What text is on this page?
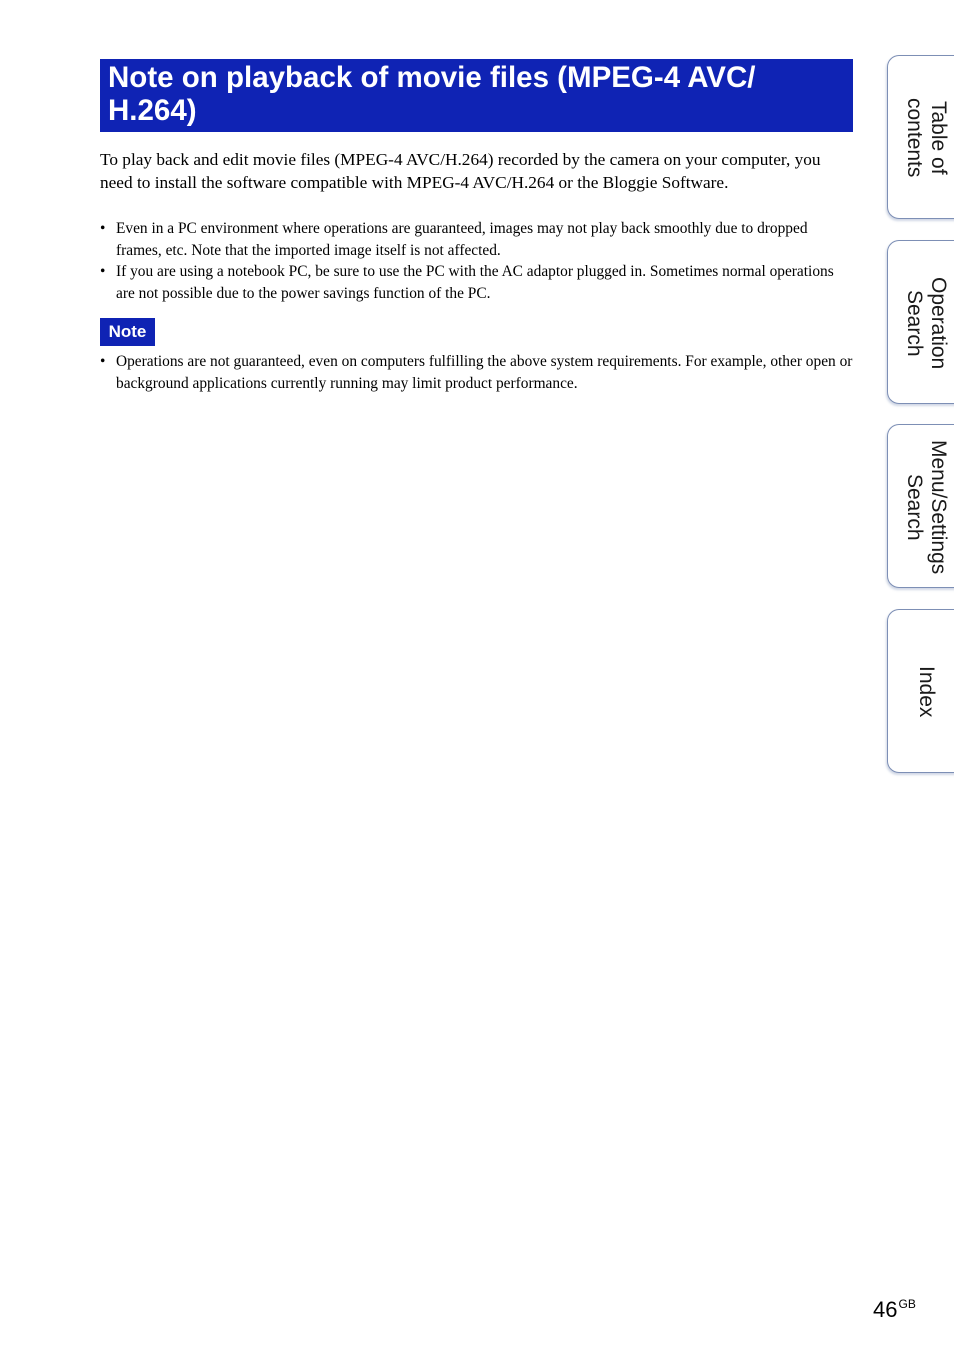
Note on playback of movie files (MPEG-4 AVC/
H.264)

To play back and edit movie files (MPEG-4 AVC/H.264) recorded by the camera on your computer, you need to install the software compatible with MPEG-4 AVC/H.264 or the Bloggie Software.

• Even in a PC environment where operations are guaranteed, images may not play back smoothly due to dropped frames, etc. Note that the imported image itself is not affected.
• If you are using a notebook PC, be sure to use the PC with the AC adaptor plugged in. Sometimes normal operations are not possible due to the power savings function of the PC.
Note
• Operations are not guaranteed, even on computers fulfilling the above system requirements. For example, other open or background applications currently running may limit product performance.
Table of
contents
Operation
Search
Menu/Settings
Search
Index
$46^{GB}$
